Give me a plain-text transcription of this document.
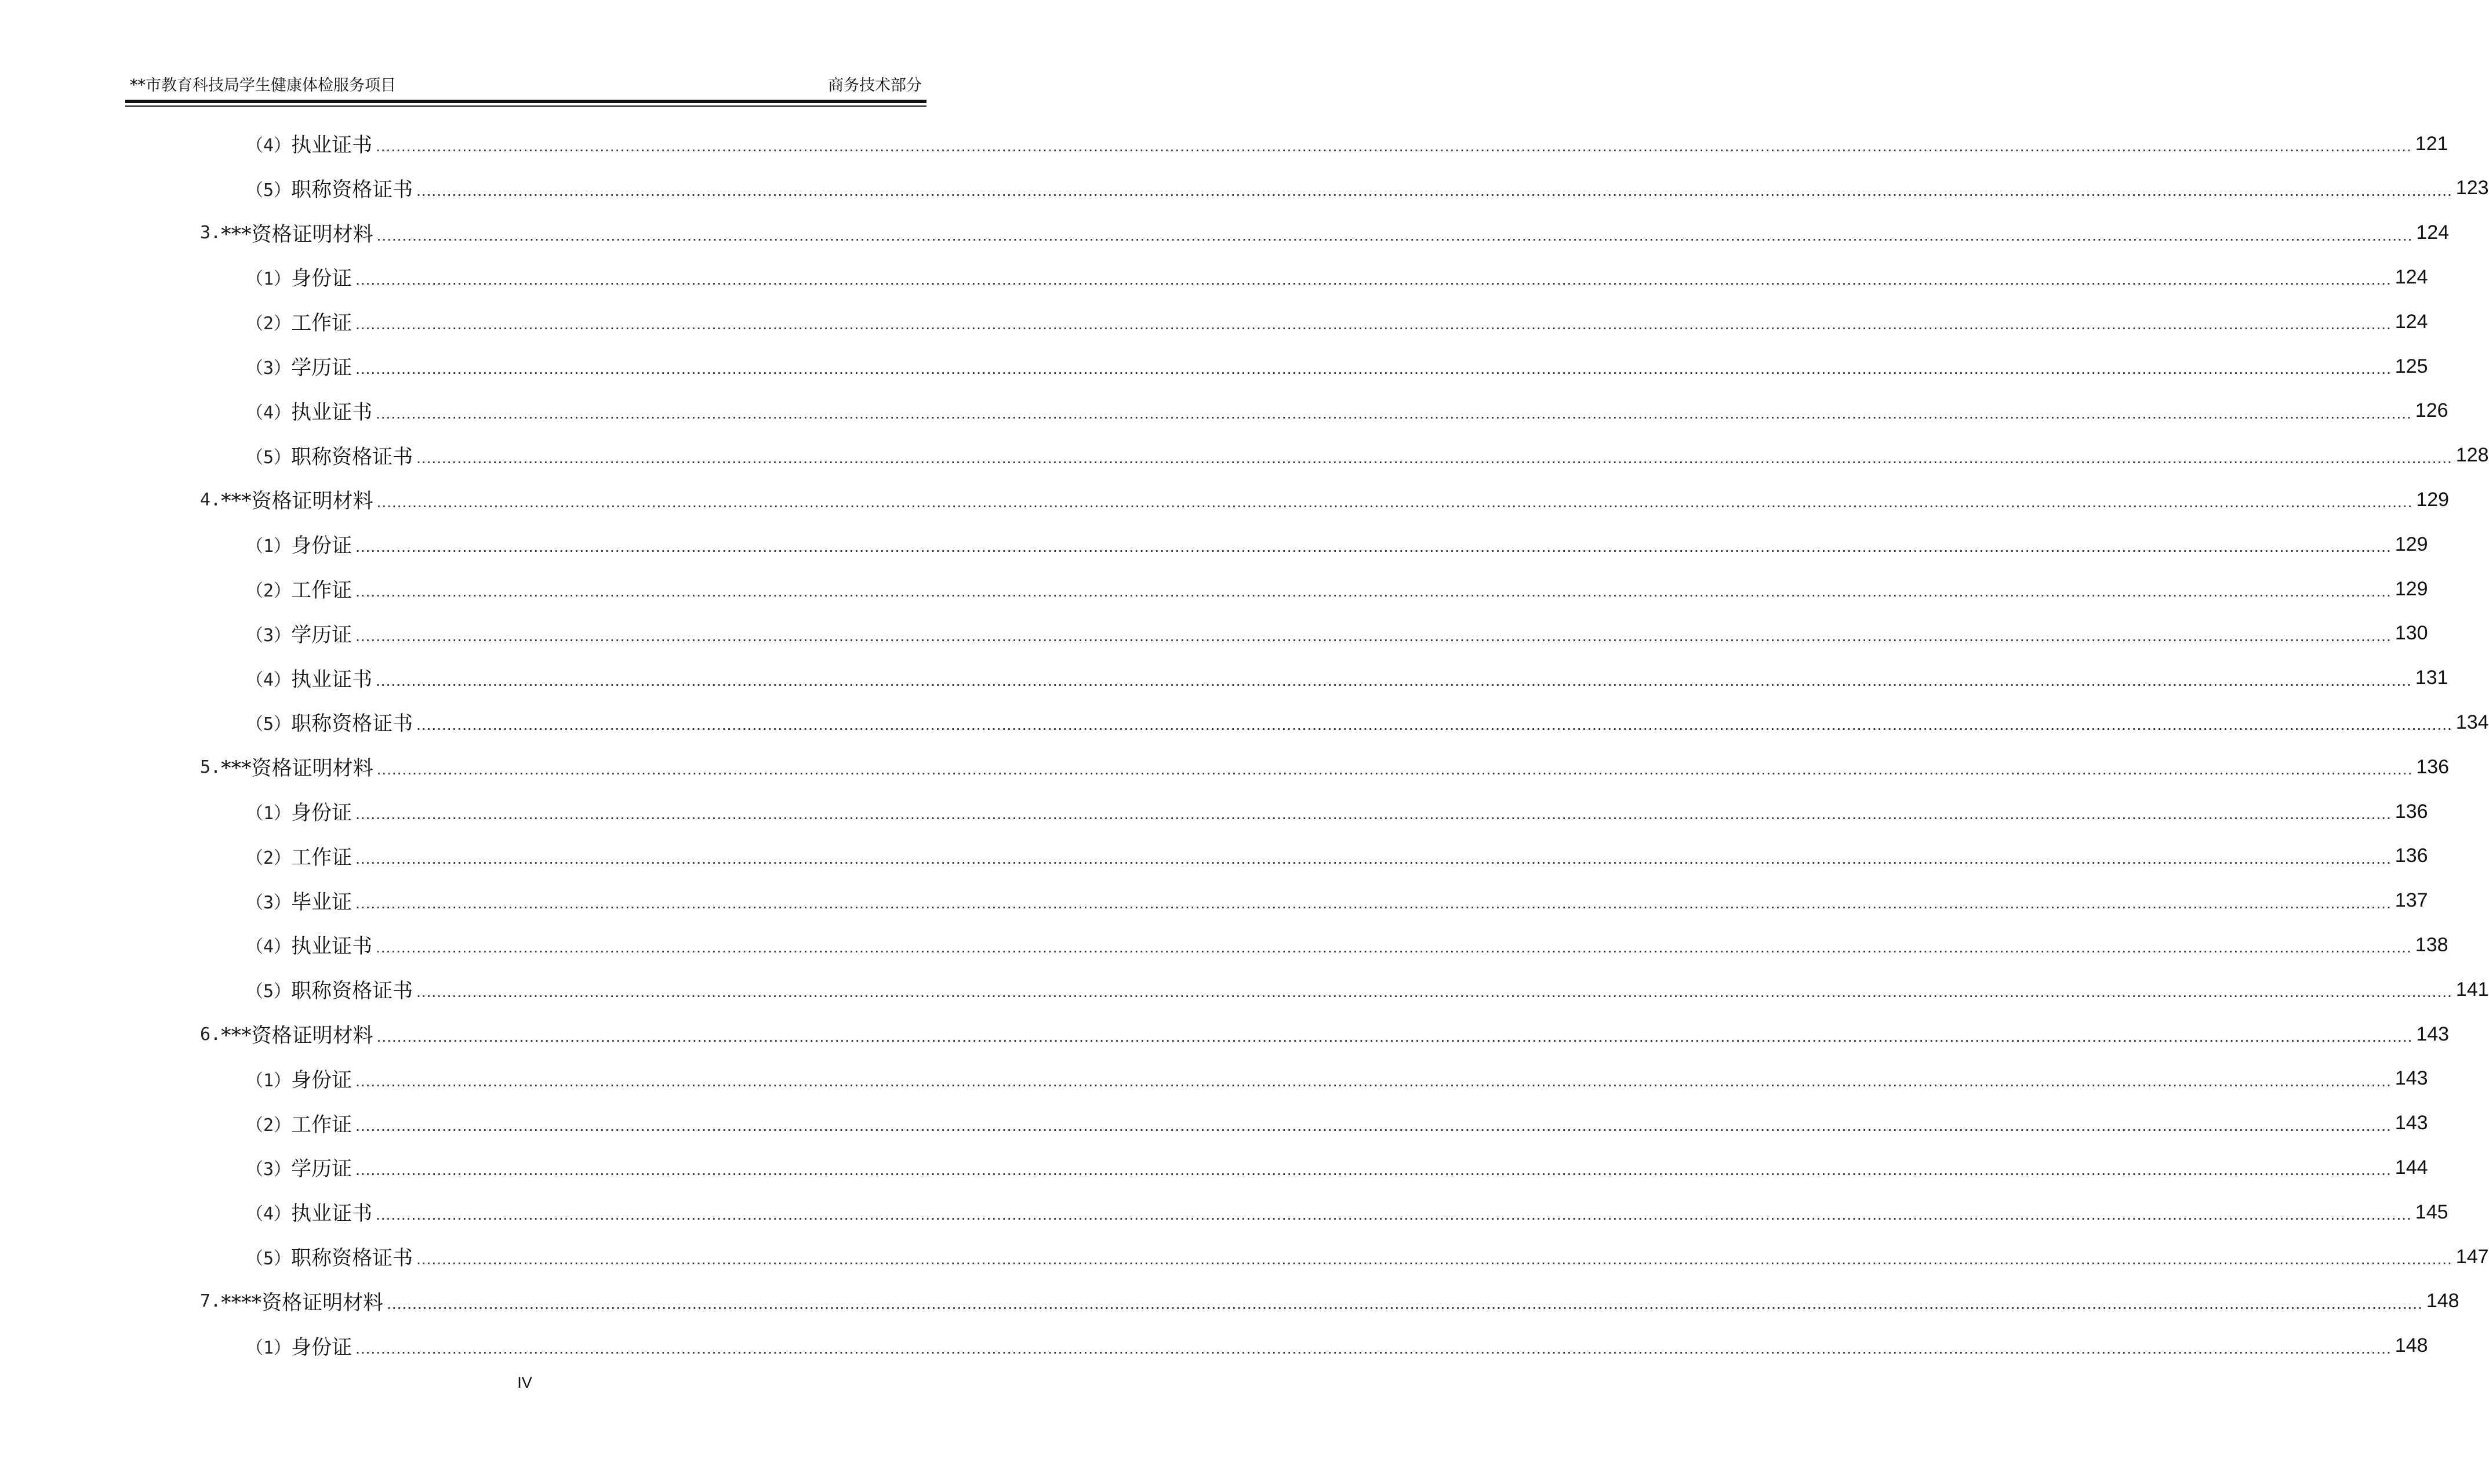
**市教育科技局学生健康体检服务项目	商务技术部分
（4） 执业证书 ................................................................................................................................................................................................................................................................................................................................................................................................................ 121
（5） 职称资格证书 ................................................................................................................................................................................................................................................................................................................................................................................................................ 123
3. ***资格证明材料 ................................................................................................................................................................................................................................................................................................................................................................................................................ 124
（1） 身份证 ................................................................................................................................................................................................................................................................................................................................................................................................................ 124
（2） 工作证 ................................................................................................................................................................................................................................................................................................................................................................................................................ 124
（3） 学历证 ................................................................................................................................................................................................................................................................................................................................................................................................................ 125
（4） 执业证书 ................................................................................................................................................................................................................................................................................................................................................................................................................ 126
（5） 职称资格证书 ................................................................................................................................................................................................................................................................................................................................................................................................................ 128
4. ***资格证明材料 ................................................................................................................................................................................................................................................................................................................................................................................................................ 129
（1） 身份证 ................................................................................................................................................................................................................................................................................................................................................................................................................ 129
（2） 工作证 ................................................................................................................................................................................................................................................................................................................................................................................................................ 129
（3） 学历证 ................................................................................................................................................................................................................................................................................................................................................................................................................ 130
（4） 执业证书 ................................................................................................................................................................................................................................................................................................................................................................................................................ 131
（5） 职称资格证书 ................................................................................................................................................................................................................................................................................................................................................................................................................ 134
5. ***资格证明材料 ................................................................................................................................................................................................................................................................................................................................................................................................................ 136
（1） 身份证 ................................................................................................................................................................................................................................................................................................................................................................................................................ 136
（2） 工作证 ................................................................................................................................................................................................................................................................................................................................................................................................................ 136
（3） 毕业证 ................................................................................................................................................................................................................................................................................................................................................................................................................ 137
（4） 执业证书 ................................................................................................................................................................................................................................................................................................................................................................................................................ 138
（5） 职称资格证书 ................................................................................................................................................................................................................................................................................................................................................................................................................ 141
6. ***资格证明材料 ................................................................................................................................................................................................................................................................................................................................................................................................................ 143
（1） 身份证 ................................................................................................................................................................................................................................................................................................................................................................................................................ 143
（2） 工作证 ................................................................................................................................................................................................................................................................................................................................................................................................................ 143
（3） 学历证 ................................................................................................................................................................................................................................................................................................................................................................................................................ 144
（4） 执业证书 ................................................................................................................................................................................................................................................................................................................................................................................................................ 145
（5） 职称资格证书 ................................................................................................................................................................................................................................................................................................................................................................................................................ 147
7. ****资格证明材料 ................................................................................................................................................................................................................................................................................................................................................................................................................ 148
（1） 身份证 ................................................................................................................................................................................................................................................................................................................................................................................................................ 148
IV
